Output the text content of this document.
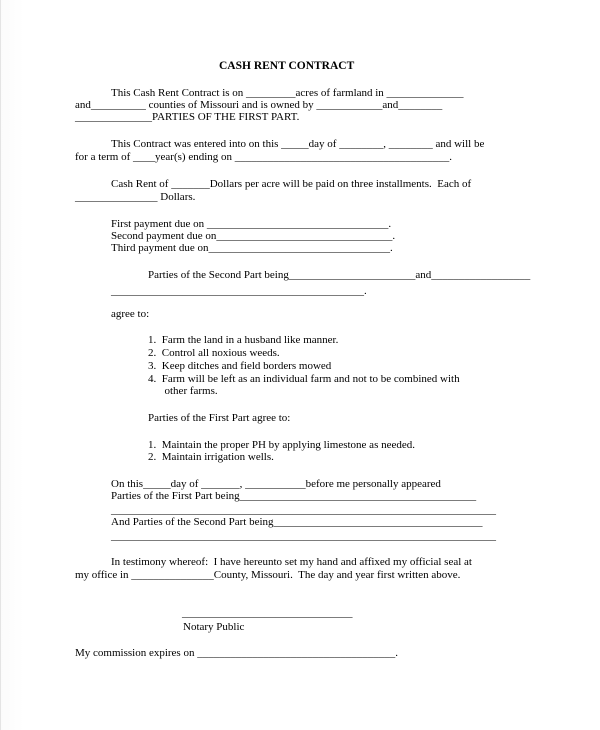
CASH RENT CONTRACT
This Cash Rent Contract is on _________acres of farmland in ______________
and__________ counties of Missouri and is owned by ____________and________
______________PARTIES OF THE FIRST PART.
This Contract was entered into on this _____day of ________, ________ and will be
for a term of ____year(s) ending on _______________________________________.
Cash Rent of _______Dollars per acre will be paid on three installments.  Each of
_______________ Dollars.
First payment due on _________________________________.
Second payment due on________________________________.
Third payment due on_________________________________.
Parties of the Second Part being_______________________and__________________
______________________________________________.
agree to:
1.  Farm the land in a husband like manner.
2.  Control all noxious weeds.
3.  Keep ditches and field borders mowed
4.  Farm will be left as an individual farm and not to be combined with
other farms.
Parties of the First Part agree to:
1.  Maintain the proper PH by applying limestone as needed.
2.  Maintain irrigation wells.
On this_____day of _______, ___________before me personally appeared
Parties of the First Part being___________________________________________
______________________________________________________________________
And Parties of the Second Part being______________________________________
______________________________________________________________________
In testimony whereof:  I have hereunto set my hand and affixed my official seal at
my office in _______________County, Missouri.  The day and year first written above.
_______________________________
Notary Public
My commission expires on ____________________________________.
